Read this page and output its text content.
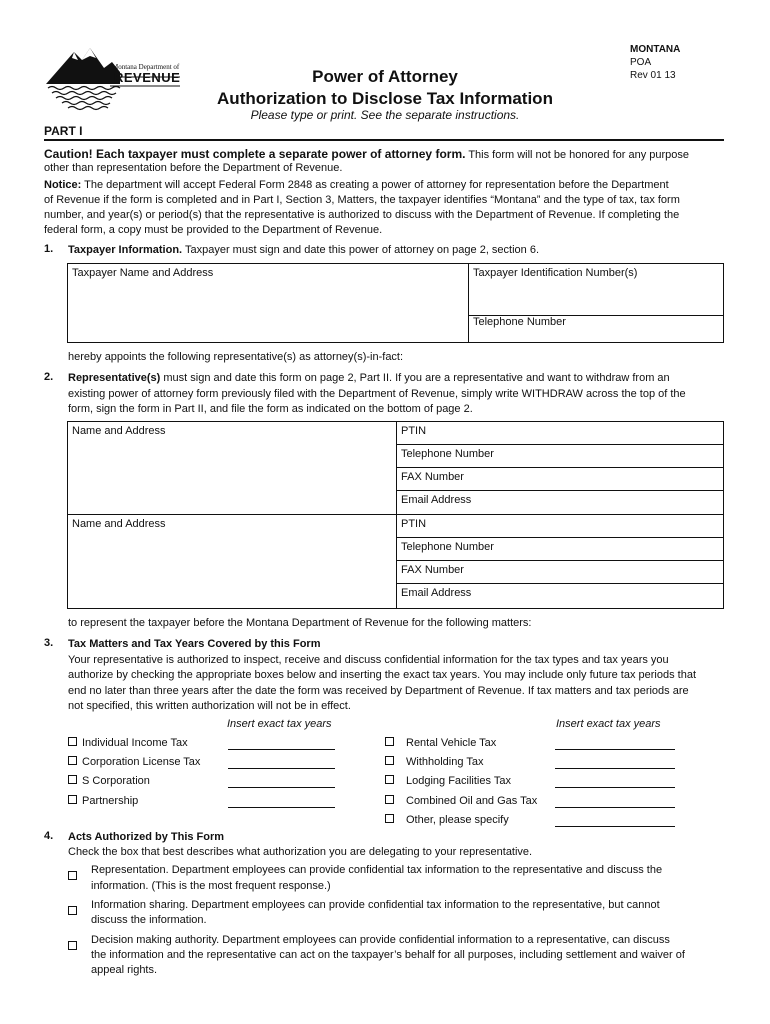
Montana Department of
REVENUE
MONTANA
POA
Rev 01 13
Power of Attorney
Authorization to Disclose Tax Information
Please type or print. See the separate instructions.
PART I
Caution! Each taxpayer must complete a separate power of attorney form. This form will not be honored for any purpose
other than representation before the Department of Revenue.
Notice: The department will accept Federal Form 2848 as creating a power of attorney for representation before the Department
of Revenue if the form is completed and in Part I, Section 3, Matters, the taxpayer identifies “Montana” and the type of tax, tax form
number, and year(s) or period(s) that the representative is authorized to discuss with the Department of Revenue. If completing the
federal form, a copy must be provided to the Department of Revenue.
1. Taxpayer Information. Taxpayer must sign and date this power of attorney on page 2, section 6.
Taxpayer Name and Address	Taxpayer Identification Number(s)
Telephone Number
hereby appoints the following representative(s) as attorney(s)-in-fact:
2. Representative(s) must sign and date this form on page 2, Part II. If you are a representative and want to withdraw from an
existing power of attorney form previously filed with the Department of Revenue, simply write WITHDRAW across the top of the
form, sign the form in Part II, and file the form as indicated on the bottom of page 2.
Name and Address	PTIN
Telephone Number
FAX Number
Email Address
Name and Address	PTIN
Telephone Number
FAX Number
Email Address
to represent the taxpayer before the Montana Department of Revenue for the following matters:
3. Tax Matters and Tax Years Covered by this Form
Your representative is authorized to inspect, receive and discuss confidential information for the tax types and tax years you
authorize by checking the appropriate boxes below and inserting the exact tax years. You may include only future tax periods that
end no later than three years after the date the form was received by Department of Revenue. If tax matters and tax periods are
not specified, this written authorization will not be in effect.
Insert exact tax years	Insert exact tax years
Individual Income Tax
Corporation License Tax
S Corporation
Partnership
Rental Vehicle Tax
Withholding Tax
Lodging Facilities Tax
Combined Oil and Gas Tax
Other, please specify
4. Acts Authorized by This Form
Check the box that best describes what authorization you are delegating to your representative.
Representation. Department employees can provide confidential tax information to the representative and discuss the
information. (This is the most frequent response.)
Information sharing. Department employees can provide confidential tax information to the representative, but cannot
discuss the information.
Decision making authority. Department employees can provide confidential information to a representative, can discuss
the information and the representative can act on the taxpayer’s behalf for all purposes, including settlement and waiver of
appeal rights.
